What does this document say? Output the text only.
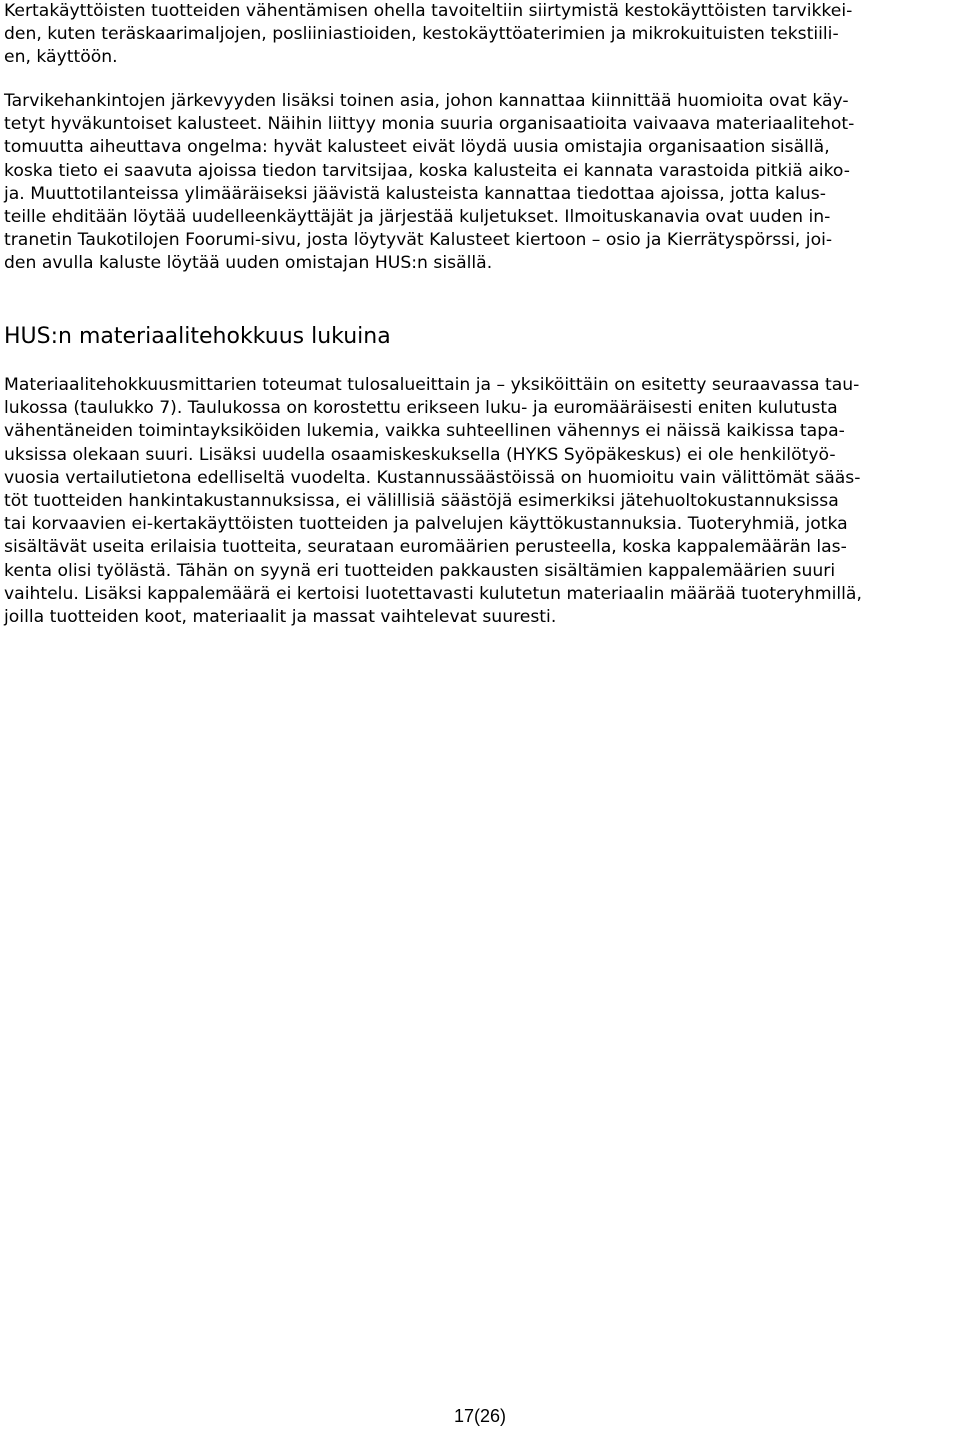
Kertakäyttöisten tuotteiden vähentämisen ohella tavoiteltiin siirtymistä kestokäyttöisten tarvikkei-
den, kuten teräskaarimaljojen, posliiniastioiden, kestokäyttöaterimien ja mikrokuituisten tekstiili-
en, käyttöön.
Tarvikehankintojen järkevyyden lisäksi toinen asia, johon kannattaa kiinnittää huomioita ovat käy-
tetyt hyväkuntoiset kalusteet. Näihin liittyy monia suuria organisaatioita vaivaava materiaalitehot-
tomuutta aiheuttava ongelma: hyvät kalusteet eivät löydä uusia omistajia organisaation sisällä,
koska tieto ei saavuta ajoissa tiedon tarvitsijaa, koska kalusteita ei kannata varastoida pitkiä aiko-
ja. Muuttotilanteissa ylimääräiseksi jäävistä kalusteista kannattaa tiedottaa ajoissa, jotta kalus-
teille ehditään löytää uudelleenkäyttäjät ja järjestää kuljetukset. Ilmoituskanavia ovat uuden in-
tranetin Taukotilojen Foorumi-sivu, josta löytyvät Kalusteet kiertoon – osio ja Kierrätyspörssi, joi-
den avulla kaluste löytää uuden omistajan HUS:n sisällä.
HUS:n materiaalitehokkuus lukuina
Materiaalitehokkuusmittarien toteumat tulosalueittain ja – yksiköittäin on esitetty seuraavassa tau-
lukossa (taulukko 7). Taulukossa on korostettu erikseen luku- ja euromääräisesti eniten kulutusta
vähentäneiden toimintayksiköiden lukemia, vaikka suhteellinen vähennys ei näissä kaikissa tapa-
uksissa olekaan suuri. Lisäksi uudella osaamiskeskuksella (HYKS Syöpäkeskus) ei ole henkilötyö-
vuosia vertailutietona edelliseltä vuodelta. Kustannussäästöissä on huomioitu vain välittömät sääs-
töt tuotteiden hankintakustannuksissa, ei välillisiä säästöjä esimerkiksi jätehuoltokustannuksissa
tai korvaavien ei-kertakäyttöisten tuotteiden ja palvelujen käyttökustannuksia. Tuoteryhmiä, jotka
sisältävät useita erilaisia tuotteita, seurataan euromäärien perusteella, koska kappalemäärän las-
kenta olisi työlästä. Tähän on syynä eri tuotteiden pakkausten sisältämien kappalemäärien suuri
vaihtelu. Lisäksi kappalemäärä ei kertoisi luotettavasti kulutetun materiaalin määrää tuoteryhmillä,
joilla tuotteiden koot, materiaalit ja massat vaihtelevat suuresti.
17(26)
